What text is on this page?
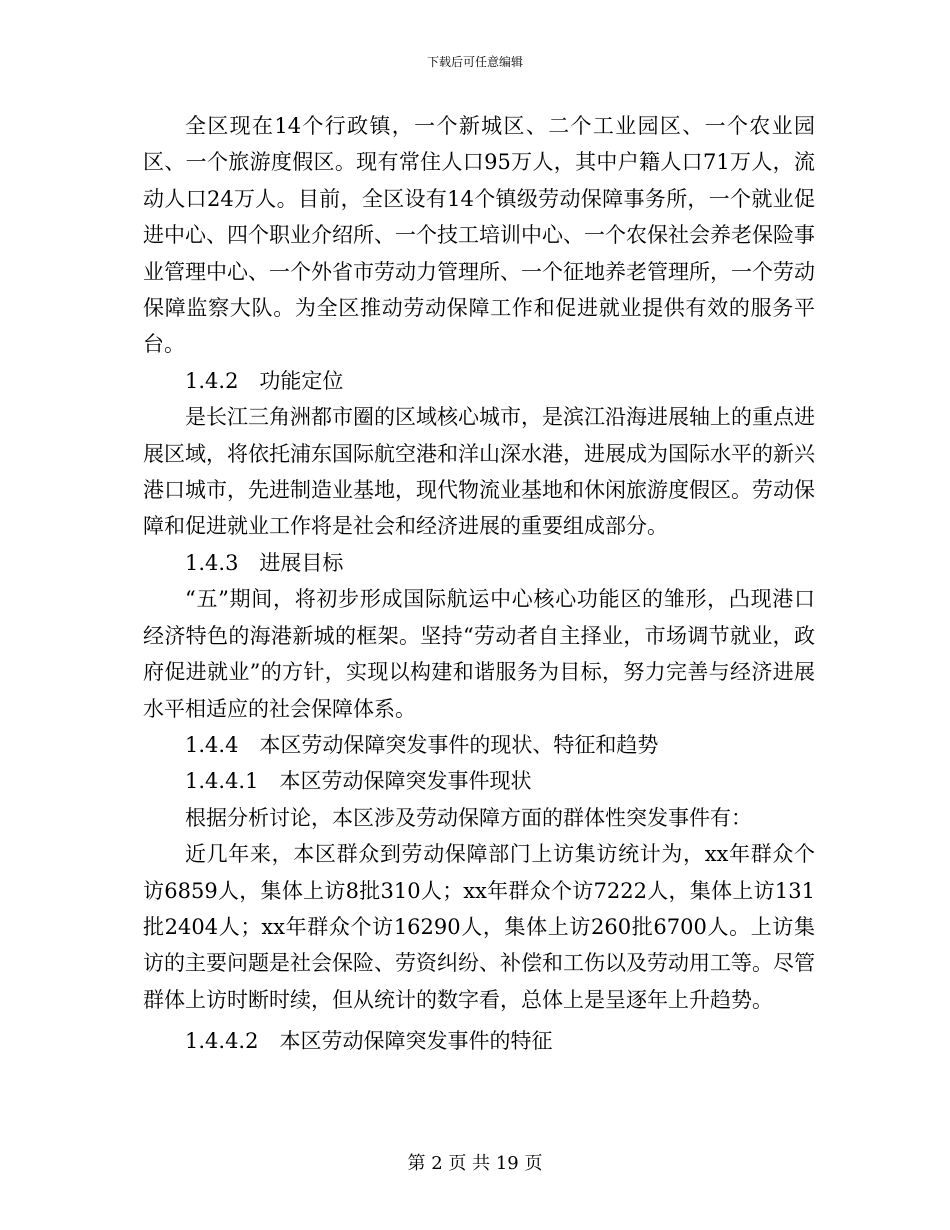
下载后可任意编辑

全区现在14个行政镇，一个新城区、二个工业园区、一个农业园区、一个旅游度假区。现有常住人口95万人，其中户籍人口71万人，流动人口24万人。目前，全区设有14个镇级劳动保障事务所，一个就业促进中心、四个职业介绍所、一个技工培训中心、一个农保社会养老保险事业管理中心、一个外省市劳动力管理所、一个征地养老管理所，一个劳动保障监察大队。为全区推动劳动保障工作和促进就业提供有效的服务平台。

1.4.2　功能定位

是长江三角洲都市圈的区域核心城市，是滨江沿海进展轴上的重点进展区域，将依托浦东国际航空港和洋山深水港，进展成为国际水平的新兴港口城市，先进制造业基地，现代物流业基地和休闲旅游度假区。劳动保障和促进就业工作将是社会和经济进展的重要组成部分。

1.4.3　进展目标

“五”期间，将初步形成国际航运中心核心功能区的雏形，凸现港口经济特色的海港新城的框架。坚持“劳动者自主择业，市场调节就业，政府促进就业”的方针，实现以构建和谐服务为目标，努力完善与经济进展水平相适应的社会保障体系。

1.4.4　本区劳动保障突发事件的现状、特征和趋势

1.4.4.1　本区劳动保障突发事件现状

根据分析讨论，本区涉及劳动保障方面的群体性突发事件有：

近几年来，本区群众到劳动保障部门上访集访统计为，xx年群众个访6859人，集体上访8批310人；xx年群众个访7222人，集体上访131批2404人；xx年群众个访16290人，集体上访260批6700人。上访集访的主要问题是社会保险、劳资纠纷、补偿和工伤以及劳动用工等。尽管群体上访时断时续，但从统计的数字看，总体上是呈逐年上升趋势。

1.4.4.2　本区劳动保障突发事件的特征

第 2 页 共 19 页
